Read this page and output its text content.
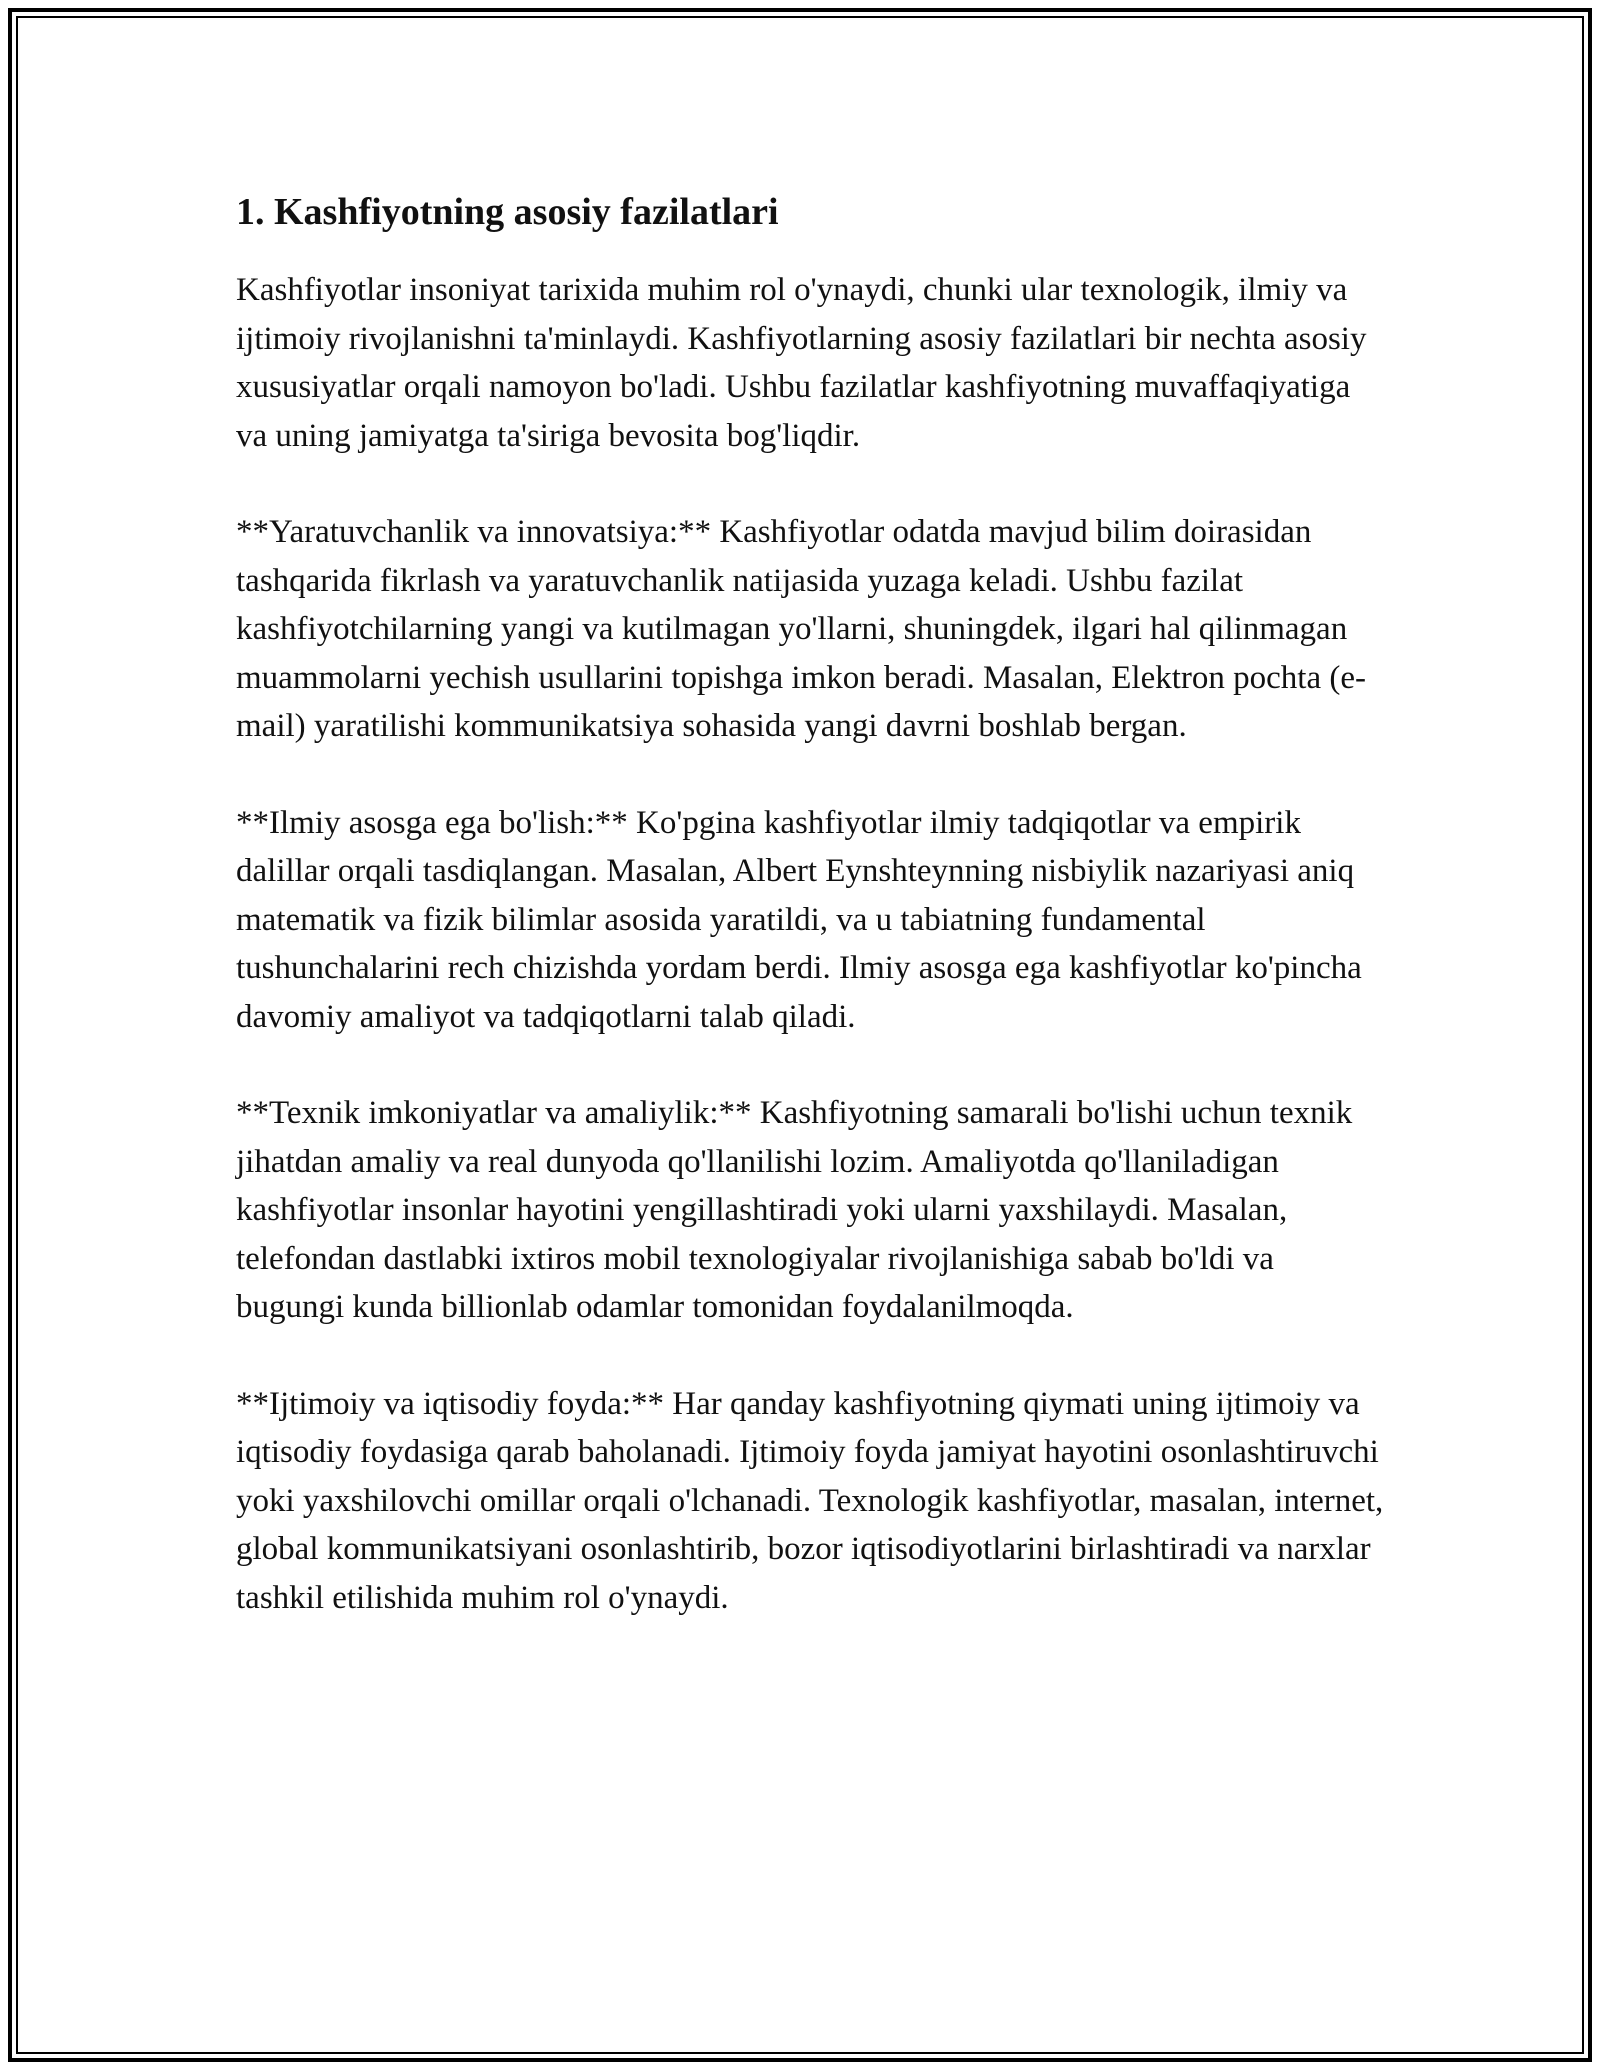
1. Kashfiyotning asosiy fazilatlari

Kashfiyotlar insoniyat tarixida muhim rol o'ynaydi, chunki ular texnologik, ilmiy va ijtimoiy rivojlanishni ta'minlaydi. Kashfiyotlarning asosiy fazilatlari bir nechta asosiy xususiyatlar orqali namoyon bo'ladi. Ushbu fazilatlar kashfiyotning muvaffaqiyatiga va uning jamiyatga ta'siriga bevosita bog'liqdir.

**Yaratuvchanlik va innovatsiya:** Kashfiyotlar odatda mavjud bilim doirasidan tashqarida fikrlash va yaratuvchanlik natijasida yuzaga keladi. Ushbu fazilat kashfiyotchilarning yangi va kutilmagan yo'llarni, shuningdek, ilgari hal qilinmagan muammolarni yechish usullarini topishga imkon beradi. Masalan, Elektron pochta (e-mail) yaratilishi kommunikatsiya sohasida yangi davrni boshlab bergan.

**Ilmiy asosga ega bo'lish:** Ko'pgina kashfiyotlar ilmiy tadqiqotlar va empirik dalillar orqali tasdiqlangan. Masalan, Albert Eynshteynning nisbiylik nazariyasi aniq matematik va fizik bilimlar asosida yaratildi, va u tabiatning fundamental tushunchalarini rech chizishda yordam berdi. Ilmiy asosga ega kashfiyotlar ko'pincha davomiy amaliyot va tadqiqotlarni talab qiladi.

**Texnik imkoniyatlar va amaliylik:** Kashfiyotning samarali bo'lishi uchun texnik jihatdan amaliy va real dunyoda qo'llanilishi lozim. Amaliyotda qo'llaniladigan kashfiyotlar insonlar hayotini yengillashtiradi yoki ularni yaxshilaydi. Masalan, telefondan dastlabki ixtiros mobil texnologiyalar rivojlanishiga sabab bo'ldi va bugungi kunda billionlab odamlar tomonidan foydalanilmoqda.

**Ijtimoiy va iqtisodiy foyda:** Har qanday kashfiyotning qiymati uning ijtimoiy va iqtisodiy foydasiga qarab baholanadi. Ijtimoiy foyda jamiyat hayotini osonlashtiruvchi yoki yaxshilovchi omillar orqali o'lchanadi. Texnologik kashfiyotlar, masalan, internet, global kommunikatsiyani osonlashtirib, bozor iqtisodiyotlarini birlashtiradi va narxlar tashkil etilishida muhim rol o'ynaydi.
